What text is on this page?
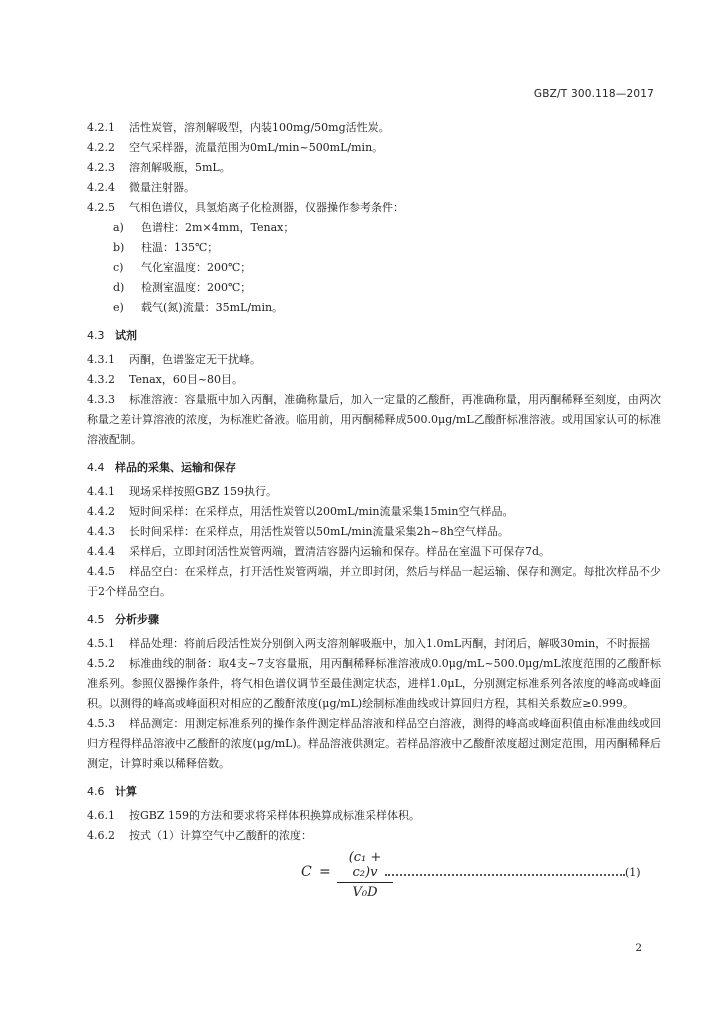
GBZ/T 300.118—2017
4.2.1 活性炭管，溶剂解吸型，内装100mg/50mg活性炭。
4.2.2 空气采样器，流量范围为0mL/min~500mL/min。
4.2.3 溶剂解吸瓶，5mL。
4.2.4 微量注射器。
4.2.5 气相色谱仪，具氢焰离子化检测器，仪器操作参考条件：
a) 色谱柱：2m×4mm，Tenax；
b) 柱温：135℃；
c) 气化室温度：200℃；
d) 检测室温度：200℃；
e) 载气(氮)流量：35mL/min。
4.3 试剂
4.3.1 丙酮，色谱鉴定无干扰峰。
4.3.2 Tenax，60目~80目。
4.3.3 标准溶液：容量瓶中加入丙酮，准确称量后，加入一定量的乙酸酐，再准确称量，用丙酮稀释至刻度，由两次称量之差计算溶液的浓度，为标准贮备液。临用前，用丙酮稀释成500.0μg/mL乙酸酐标准溶液。或用国家认可的标准溶液配制。
4.4 样品的采集、运输和保存
4.4.1 现场采样按照GBZ 159执行。
4.4.2 短时间采样：在采样点，用活性炭管以200mL/min流量采集15min空气样品。
4.4.3 长时间采样：在采样点，用活性炭管以50mL/min流量采集2h~8h空气样品。
4.4.4 采样后，立即封闭活性炭管两端，置清洁容器内运输和保存。样品在室温下可保存7d。
4.4.5 样品空白：在采样点，打开活性炭管两端，并立即封闭，然后与样品一起运输、保存和测定。每批次样品不少于2个样品空白。
4.5 分析步骤
4.5.1 样品处理：将前后段活性炭分别倒入两支溶剂解吸瓶中，加入1.0mL丙酮，封闭后，解吸30min，不时振摇
4.5.2 标准曲线的制备：取4支~7支容量瓶，用丙酮稀释标准溶液成0.0μg/mL~500.0μg/mL浓度范围的乙酸酐标准系列。参照仪器操作条件，将气相色谱仪调节至最佳测定状态，进样1.0μL，分别测定标准系列各浓度的峰高或峰面积。以测得的峰高或峰面积对相应的乙酸酐浓度(μg/mL)绘制标准曲线或计算回归方程，其相关系数应≥0.999。
4.5.3 样品测定：用测定标准系列的操作条件测定样品溶液和样品空白溶液，测得的峰高或峰面积值由标准曲线或回归方程得样品溶液中乙酸酐的浓度(μg/mL)。样品溶液供测定。若样品溶液中乙酸酐浓度超过测定范围，用丙酮稀释后测定，计算时乘以稀释倍数。
4.6 计算
4.6.1 按GBZ 159的方法和要求将采样体积换算成标准采样体积。
4.6.2 按式（1）计算空气中乙酸酐的浓度：
C =
(c₁ + c₂)v
V₀D
(1)
2
